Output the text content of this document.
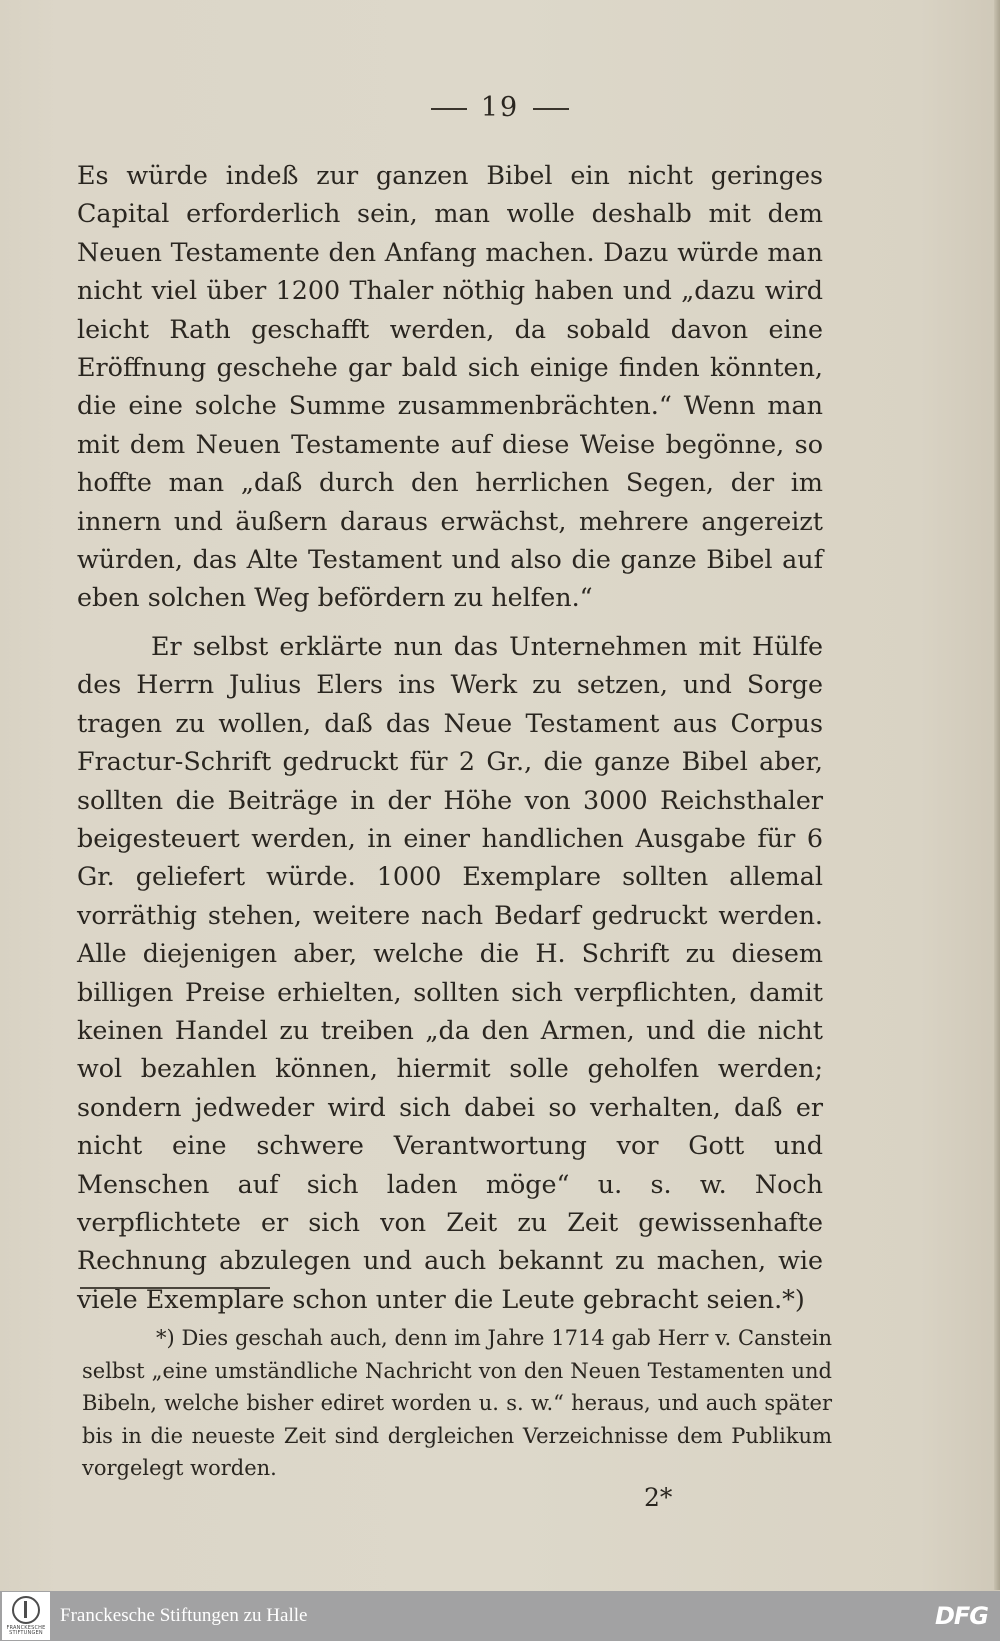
19

Es würde indeß zur ganzen Bibel ein nicht geringes Capital erforderlich sein, man wolle deshalb mit dem Neuen Testamente den Anfang machen. Dazu würde man nicht viel über 1200 Thaler nöthig haben und „dazu wird leicht Rath geschafft werden, da sobald davon eine Eröffnung geschehe gar bald sich einige finden könnten, die eine solche Summe zusammenbrächten.“ Wenn man mit dem Neuen Testamente auf diese Weise begönne, so hoffte man „daß durch den herrlichen Segen, der im innern und äußern daraus erwächst, mehrere angereizt würden, das Alte Testament und also die ganze Bibel auf eben solchen Weg befördern zu helfen.“

Er selbst erklärte nun das Unternehmen mit Hülfe des Herrn Julius Elers ins Werk zu setzen, und Sorge tragen zu wollen, daß das Neue Testament aus Corpus Fractur-Schrift gedruckt für 2 Gr., die ganze Bibel aber, sollten die Beiträge in der Höhe von 3000 Reichsthaler beigesteuert werden, in einer handlichen Ausgabe für 6 Gr. geliefert würde. 1000 Exemplare sollten allemal vorräthig stehen, weitere nach Bedarf gedruckt werden. Alle diejenigen aber, welche die H. Schrift zu diesem billigen Preise erhielten, sollten sich verpflichten, damit keinen Handel zu treiben „da den Armen, und die nicht wol bezahlen können, hiermit solle geholfen werden; sondern jedweder wird sich dabei so verhalten, daß er nicht eine schwere Verantwortung vor Gott und Menschen auf sich laden möge“ u. s. w. Noch verpflichtete er sich von Zeit zu Zeit gewissenhafte Rechnung abzulegen und auch bekannt zu machen, wie viele Exemplare schon unter die Leute gebracht seien.*)

*) Dies geschah auch, denn im Jahre 1714 gab Herr v. Canstein selbst „eine umständliche Nachricht von den Neuen Testamenten und Bibeln, welche bisher ediret worden u. s. w.“ heraus, und auch später bis in die neueste Zeit sind dergleichen Verzeichnisse dem Publikum vorgelegt worden.
2*
FRANCKESCHE STIFTUNGEN
Franckesche Stiftungen zu Halle	DFG
